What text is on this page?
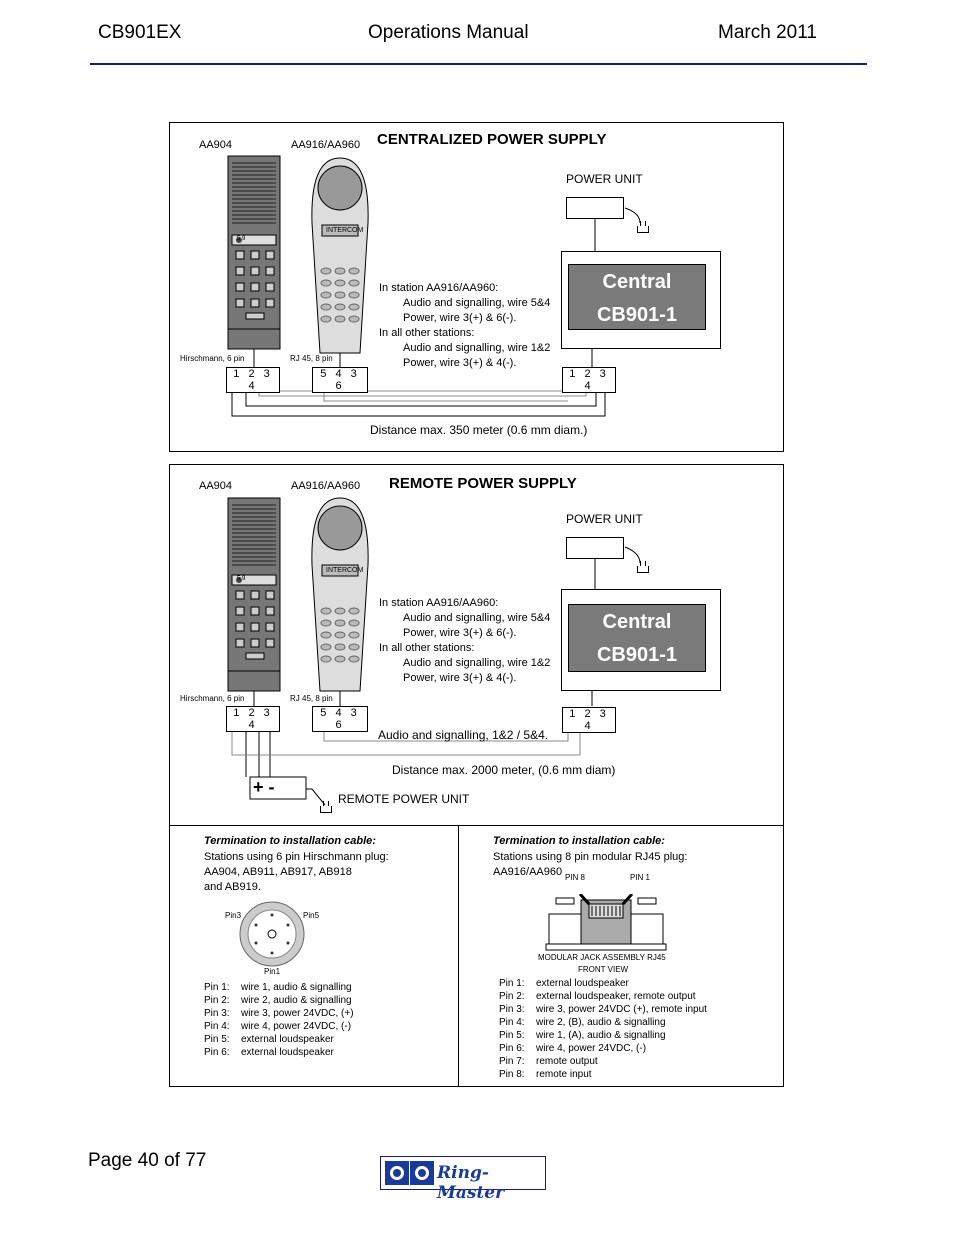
CB901EX	Operations Manual	March 2011
AA904	AA916/AA960 CENTRALIZED POWER SUPPLY
5 9
INTERCOM
POWER UNIT
Central
CB901-1
In station AA916/AA960:
Audio and signalling, wire 5&4
Power, wire 3(+) & 6(-).
In all other stations:
Audio and signalling, wire 1&2
Power, wire 3(+) & 4(-).
Hirschmann, 6 pin	RJ 45, 8 pin
1 2 3 4
5 4 3 6
1 2 3 4
Distance max. 350 meter (0.6 mm diam.)
AA904	AA916/AA960 REMOTE POWER SUPPLY
5 9
INTERCOM
POWER UNIT
Central
CB901-1
In station AA916/AA960:
Audio and signalling, wire 5&4
Power, wire 3(+) & 6(-).
In all other stations:
Audio and signalling, wire 1&2
Power, wire 3(+) & 4(-).
Hirschmann, 6 pin	RJ 45, 8 pin
1 2 3 4
5 4 3 6
1 2 3 4
Audio and signalling, 1&2 / 5&4.
Distance max. 2000 meter, (0.6 mm diam)
+ -
REMOTE POWER UNIT
Termination to installation cable:
Stations using 6 pin Hirschmann plug:
AA904, AB911, AB917, AB918
and AB919.
Pin3	Pin5
Pin1
Pin 1:	wire 1, audio & signalling
Pin 2:	wire 2, audio & signalling
Pin 3:	wire 3, power 24VDC, (+)
Pin 4:	wire 4, power 24VDC, (-)
Pin 5:	external loudspeaker
Pin 6:	external loudspeaker
Termination to installation cable:
Stations using 8 pin modular RJ45 plug:
AA916/AA960 PIN 8	PIN 1
MODULAR JACK ASSEMBLY RJ45
FRONT VIEW
Pin 1:	external loudspeaker
Pin 2:	external loudspeaker, remote output
Pin 3:	wire 3, power 24VDC (+), remote input
Pin 4:	wire 2, (B), audio & signalling
Pin 5:	wire 1, (A), audio & signalling
Pin 6:	wire 4, power 24VDC, (-)
Pin 7:	remote output
Pin 8:	remote input
Page 40 of 77
Ring-Master
